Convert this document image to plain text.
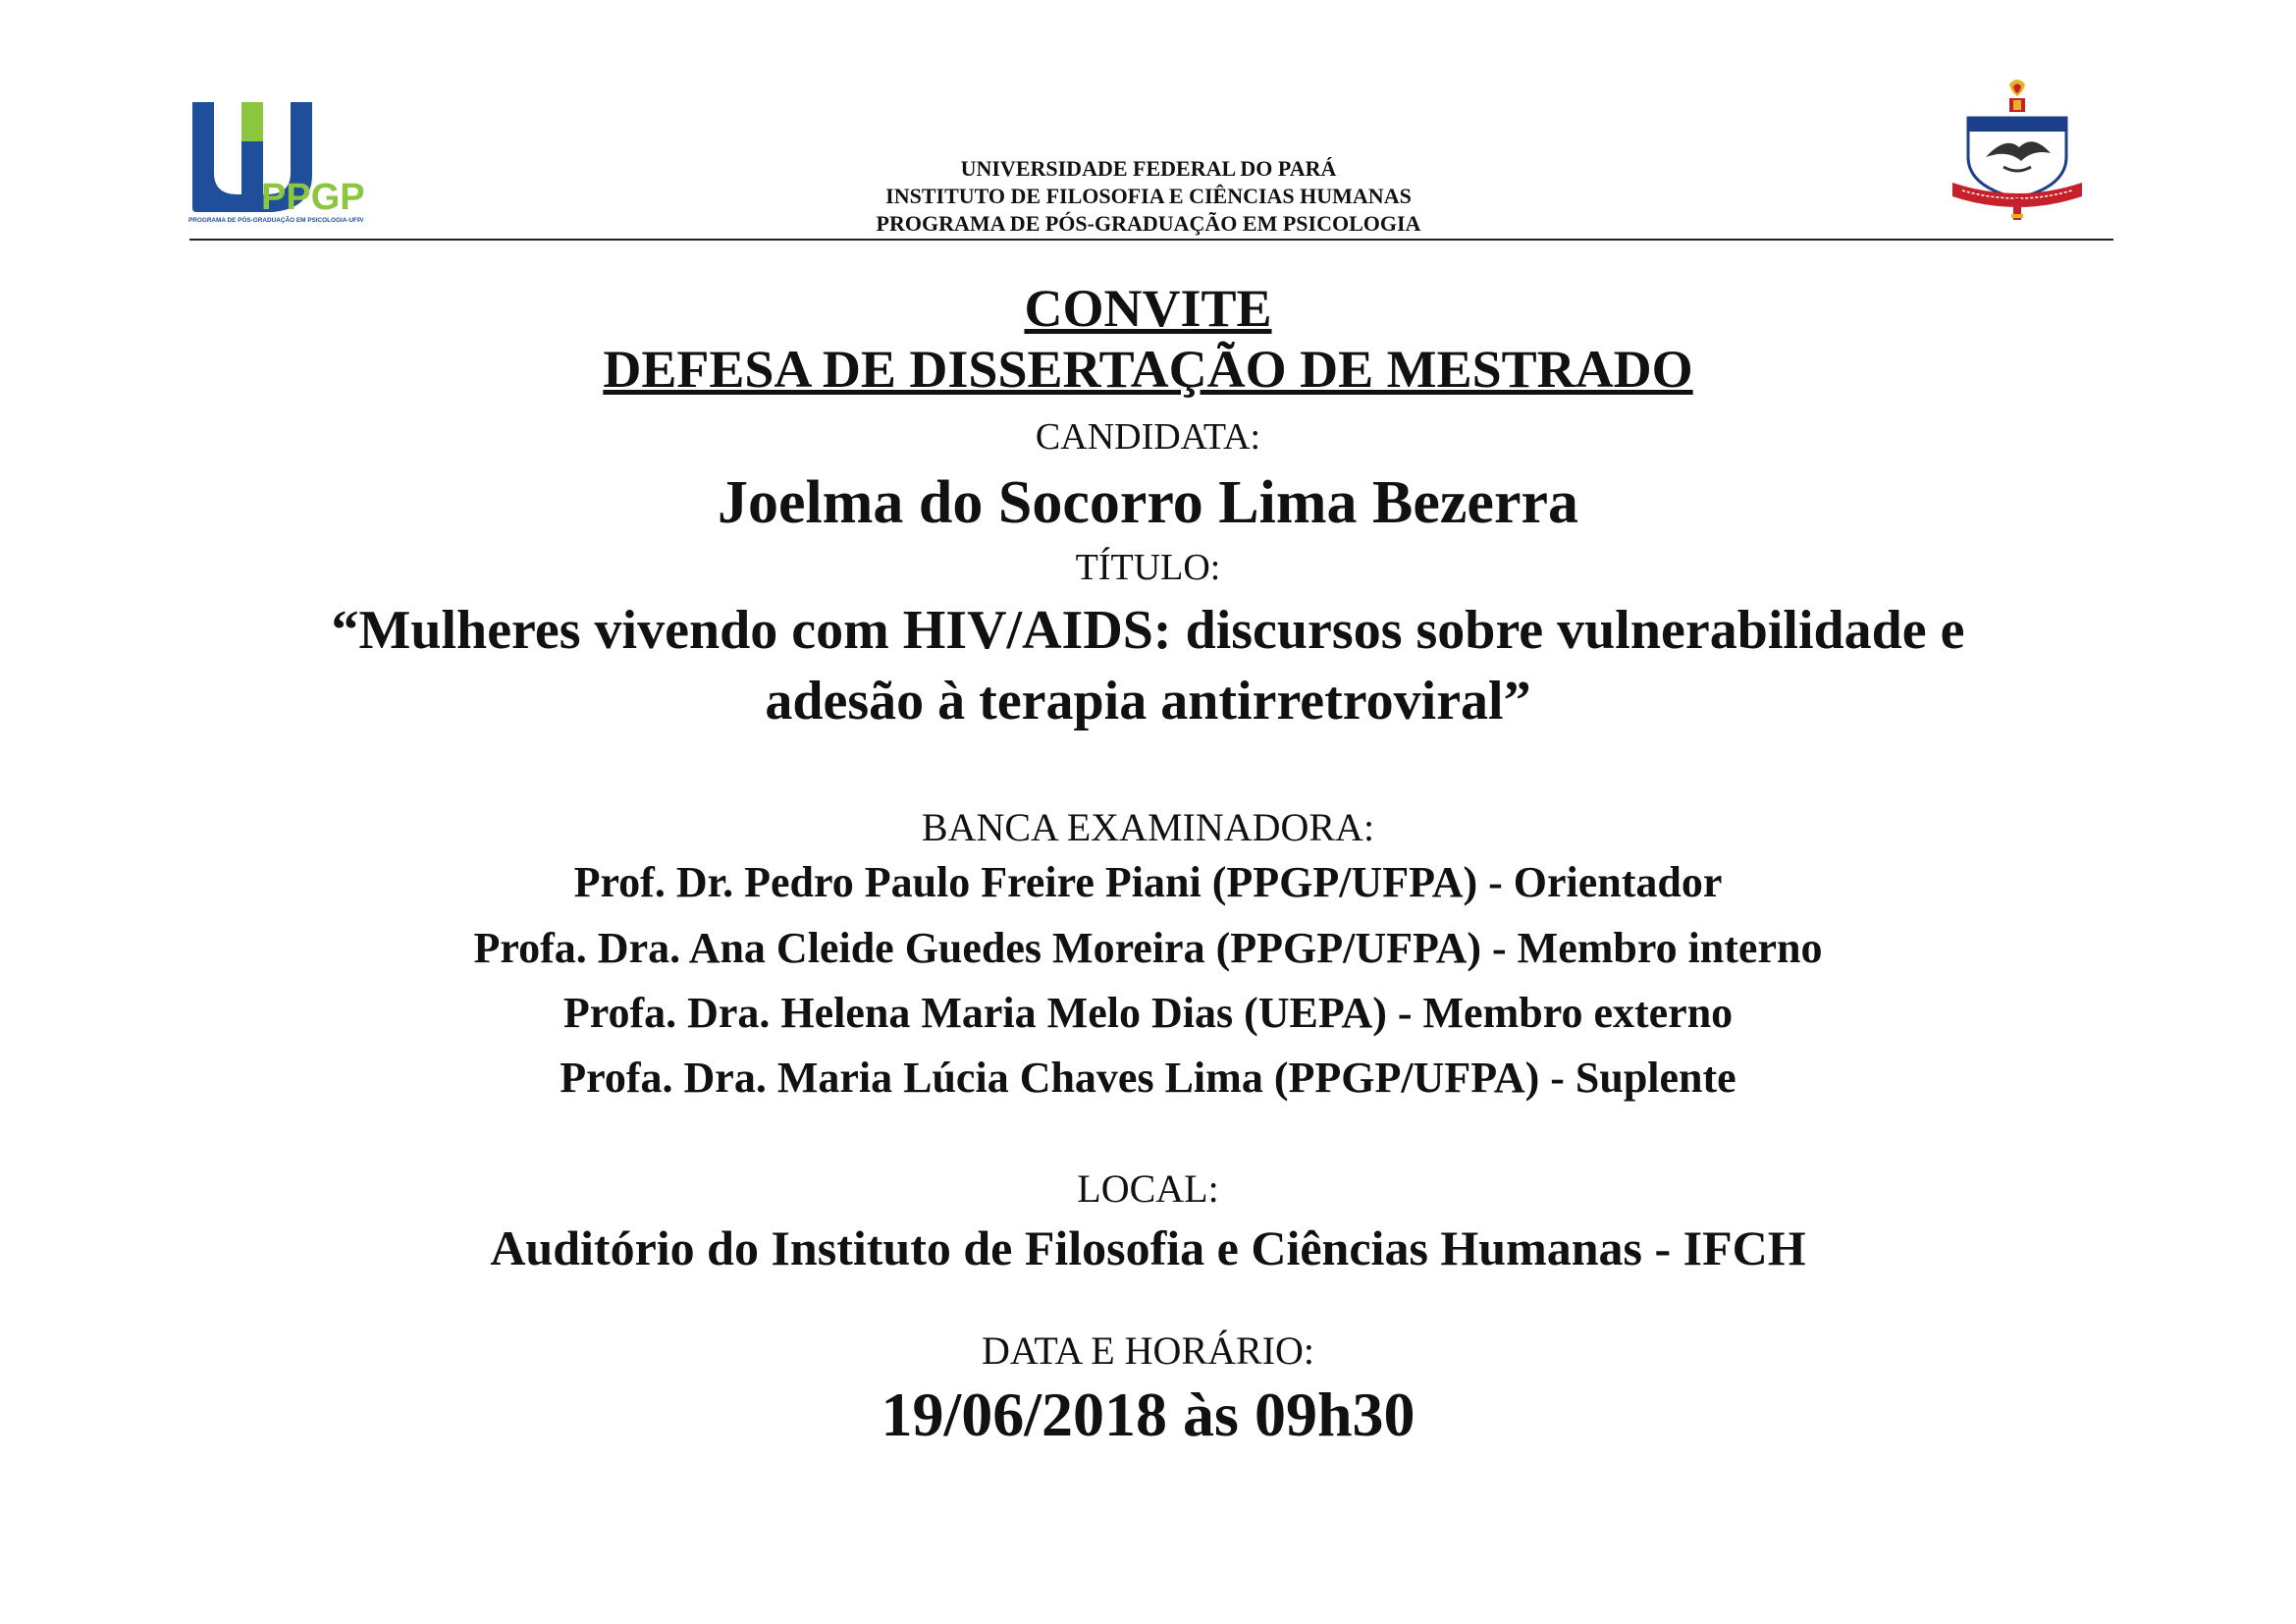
PPGP
PROGRAMA DE PÓS-GRADUAÇÃO EM PSICOLOGIA-UFPA
UNIVERSIDADE FEDERAL DO PARÁ
INSTITUTO DE FILOSOFIA E CIÊNCIAS HUMANAS
PROGRAMA DE PÓS-GRADUAÇÃO EM PSICOLOGIA
CONVITE
DEFESA DE DISSERTAÇÃO DE MESTRADO
CANDIDATA:
Joelma do Socorro Lima Bezerra
TÍTULO:
“Mulheres vivendo com HIV/AIDS: discursos sobre vulnerabilidade e
adesão à terapia antirretroviral”
BANCA EXAMINADORA:
Prof. Dr. Pedro Paulo Freire Piani (PPGP/UFPA) - Orientador
Profa. Dra. Ana Cleide Guedes Moreira (PPGP/UFPA) - Membro interno
Profa. Dra. Helena Maria Melo Dias (UEPA) - Membro externo
Profa. Dra. Maria Lúcia Chaves Lima (PPGP/UFPA) - Suplente
LOCAL:
Auditório do Instituto de Filosofia e Ciências Humanas - IFCH
DATA E HORÁRIO:
19/06/2018 às 09h30
